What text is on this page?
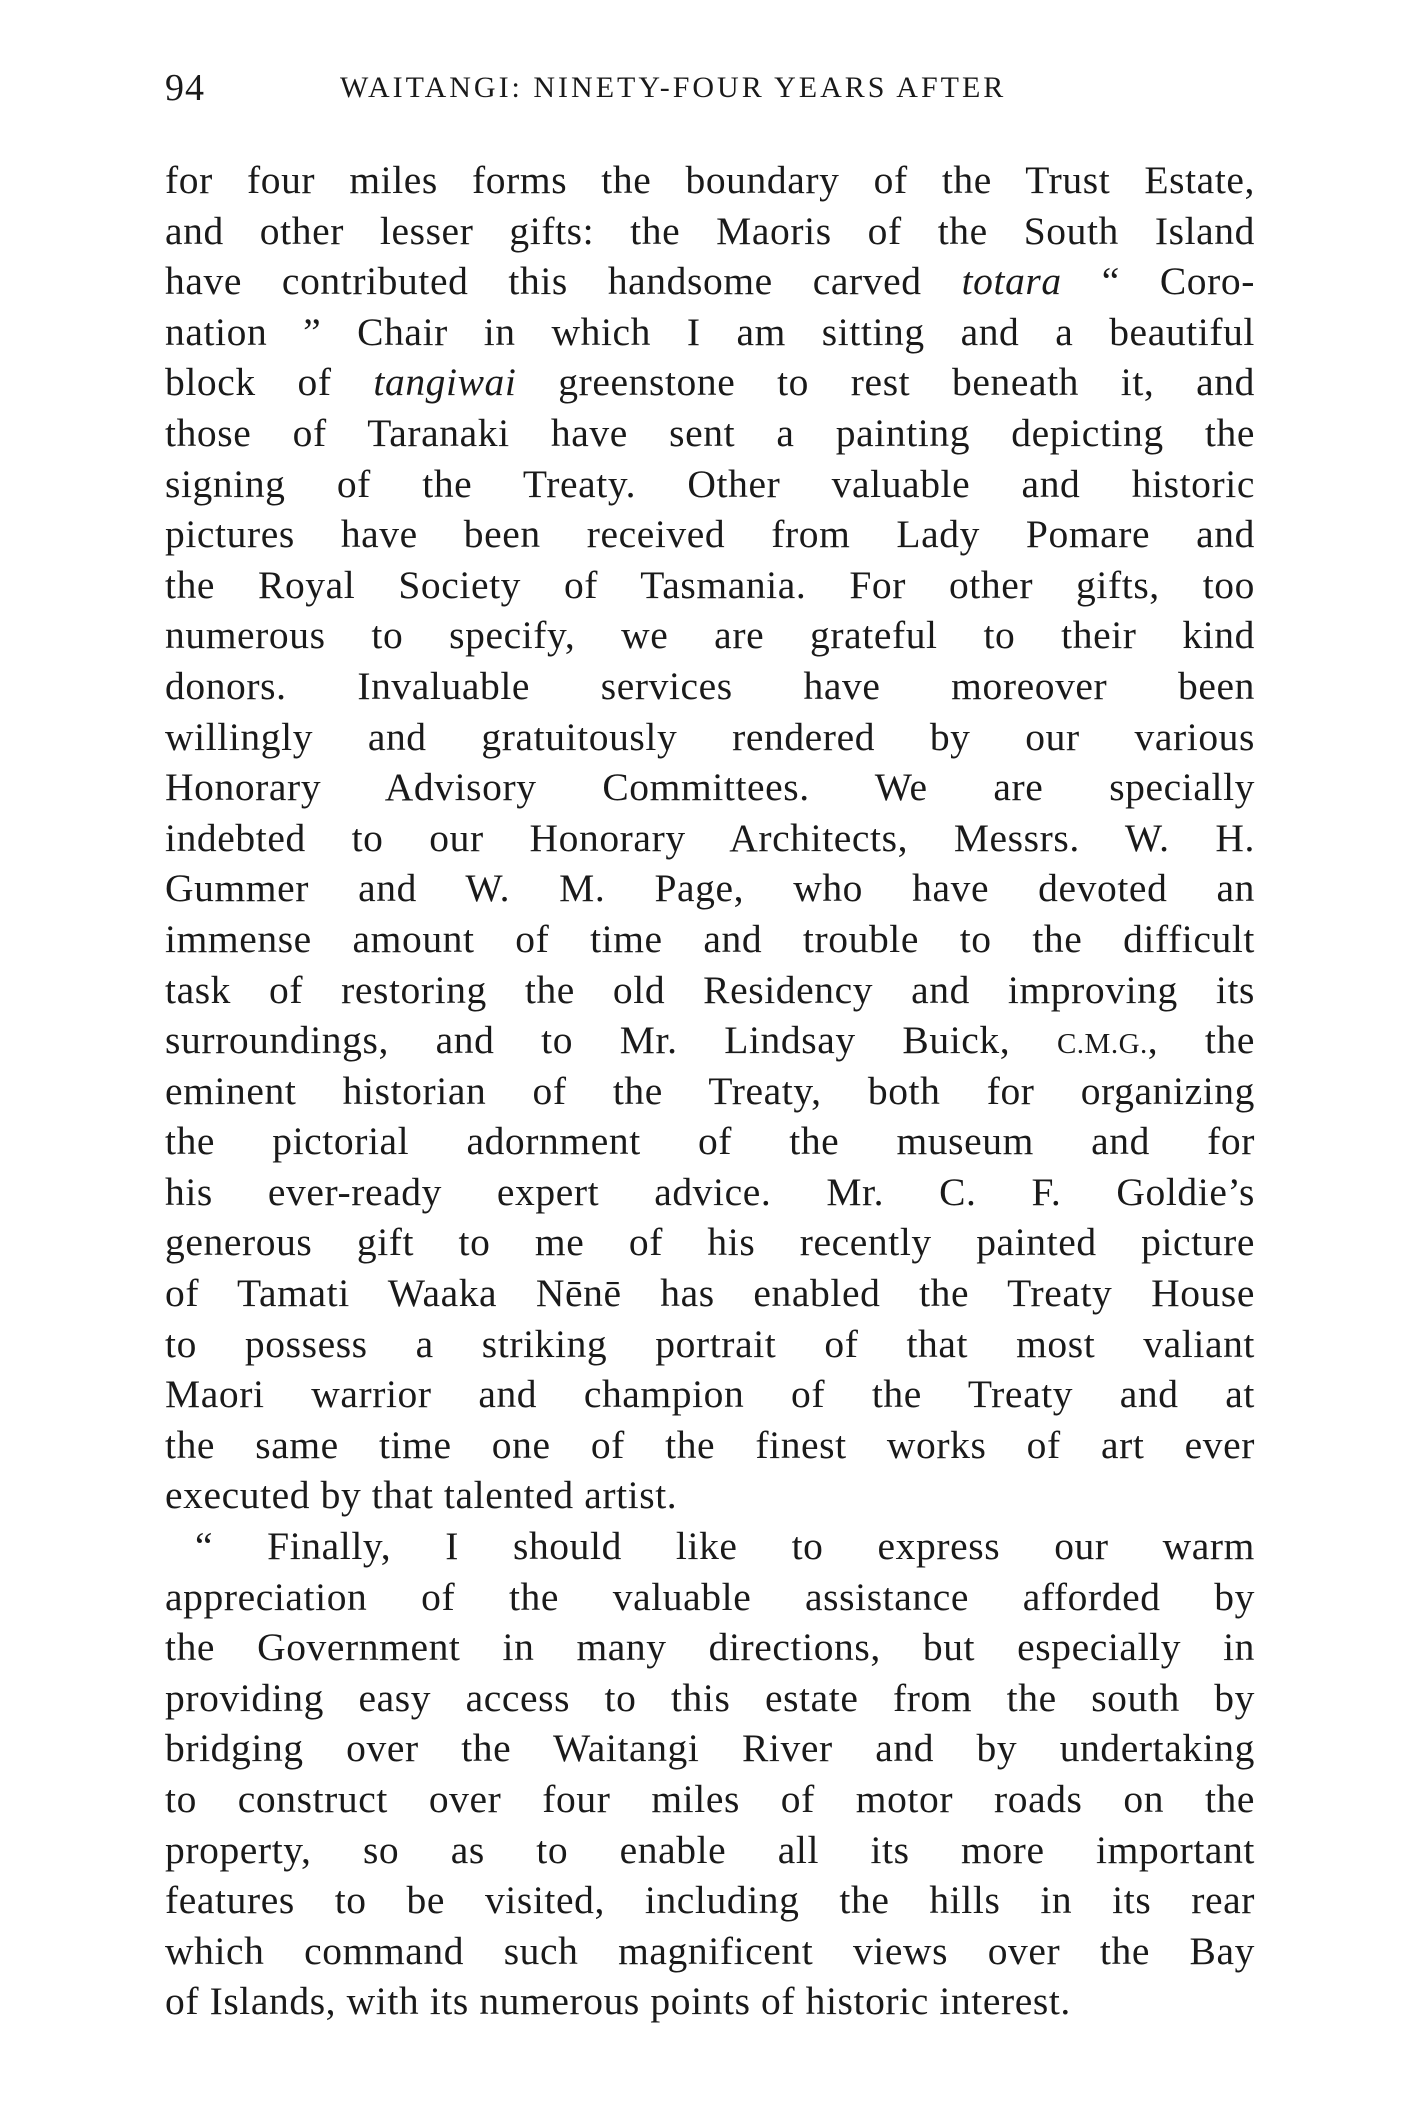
94	WAITANGI: NINETY-FOUR YEARS AFTER
for four miles forms the boundary of the Trust Estate,
and other lesser gifts: the Maoris of the South Island
have contributed this handsome carved totara “ Coro-
nation ” Chair in which I am sitting and a beautiful
block of tangiwai greenstone to rest beneath it, and
those of Taranaki have sent a painting depicting the
signing of the Treaty. Other valuable and historic
pictures have been received from Lady Pomare and
the Royal Society of Tasmania. For other gifts, too
numerous to specify, we are grateful to their kind
donors. Invaluable services have moreover been
willingly and gratuitously rendered by our various
Honorary Advisory Committees. We are specially
indebted to our Honorary Architects, Messrs. W. H.
Gummer and W. M. Page, who have devoted an
immense amount of time and trouble to the difficult
task of restoring the old Residency and improving its
surroundings, and to Mr. Lindsay Buick, C.M.G., the
eminent historian of the Treaty, both for organizing
the pictorial adornment of the museum and for
his ever-ready expert advice. Mr. C. F. Goldie’s
generous gift to me of his recently painted picture
of Tamati Waaka Nēnē has enabled the Treaty House
to possess a striking portrait of that most valiant
Maori warrior and champion of the Treaty and at
the same time one of the finest works of art ever
executed by that talented artist.
“ Finally, I should like to express our warm
appreciation of the valuable assistance afforded by
the Government in many directions, but especially in
providing easy access to this estate from the south by
bridging over the Waitangi River and by undertaking
to construct over four miles of motor roads on the
property, so as to enable all its more important
features to be visited, including the hills in its rear
which command such magnificent views over the Bay
of Islands, with its numerous points of historic interest.
